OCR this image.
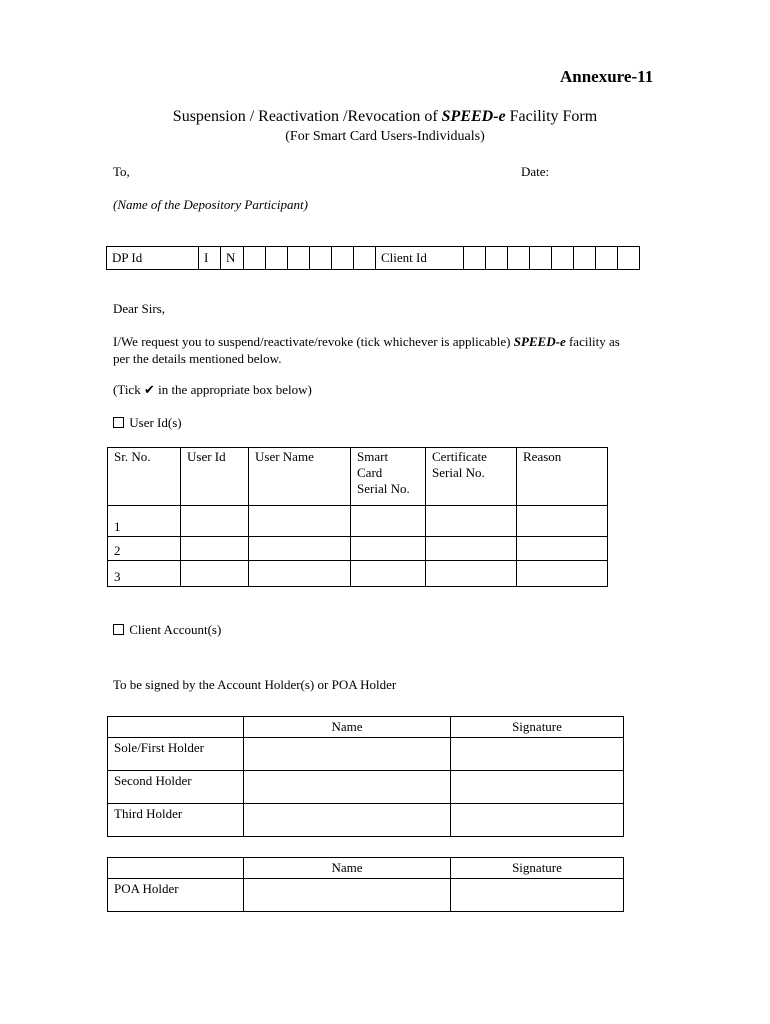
Annexure-11
Suspension / Reactivation /Revocation of SPEED-e Facility Form
(For Smart Card Users-Individuals)
To,	Date:
(Name of the Depository Participant)
DP Id	I	N							Client Id								
Dear Sirs,
I/We request you to suspend/reactivate/revoke (tick whichever is applicable) SPEED-e facility as
per the details mentioned below.
(Tick ✔ in the appropriate box below)
User Id(s)
Sr. No.	User Id	User Name	Smart
Card
Serial No.	Certificate
Serial No.	Reason
1					
2					
3					
Client Account(s)
To be signed by the Account Holder(s) or POA Holder
	Name	Signature
Sole/First Holder		
Second Holder		
Third Holder		
	Name	Signature
POA Holder		
